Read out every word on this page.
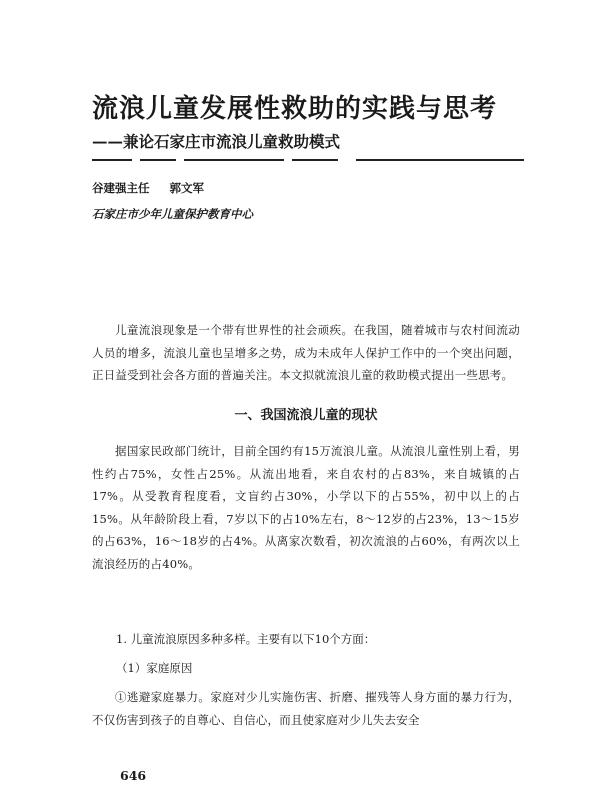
流浪儿童发展性救助的实践与思考
——兼论石家庄市流浪儿童救助模式
谷建强主任 郭文军
石家庄市少年儿童保护教育中心
儿童流浪现象是一个带有世界性的社会顽疾。在我国，随着城市与农村间流动人员的增多，流浪儿童也呈增多之势，成为未成年人保护工作中的一个突出问题，正日益受到社会各方面的普遍关注。本文拟就流浪儿童的救助模式提出一些思考。
一、我国流浪儿童的现状
据国家民政部门统计，目前全国约有15万流浪儿童。从流浪儿童性别上看，男性约占75%，女性占25%。从流出地看，来自农村的占83%，来自城镇的占17%。从受教育程度看，文盲约占30%，小学以下的占55%，初中以上的占15%。从年龄阶段上看，7岁以下的占10%左右，8～12岁的占23%，13～15岁的占63%，16～18岁的占4%。从离家次数看，初次流浪的占60%，有两次以上流浪经历的占40%。
1. 儿童流浪原因多种多样。主要有以下10个方面：
（1）家庭原因
①逃避家庭暴力。家庭对少儿实施伤害、折磨、摧残等人身方面的暴力行为，不仅伤害到孩子的自尊心、自信心，而且使家庭对少儿失去安全
646
